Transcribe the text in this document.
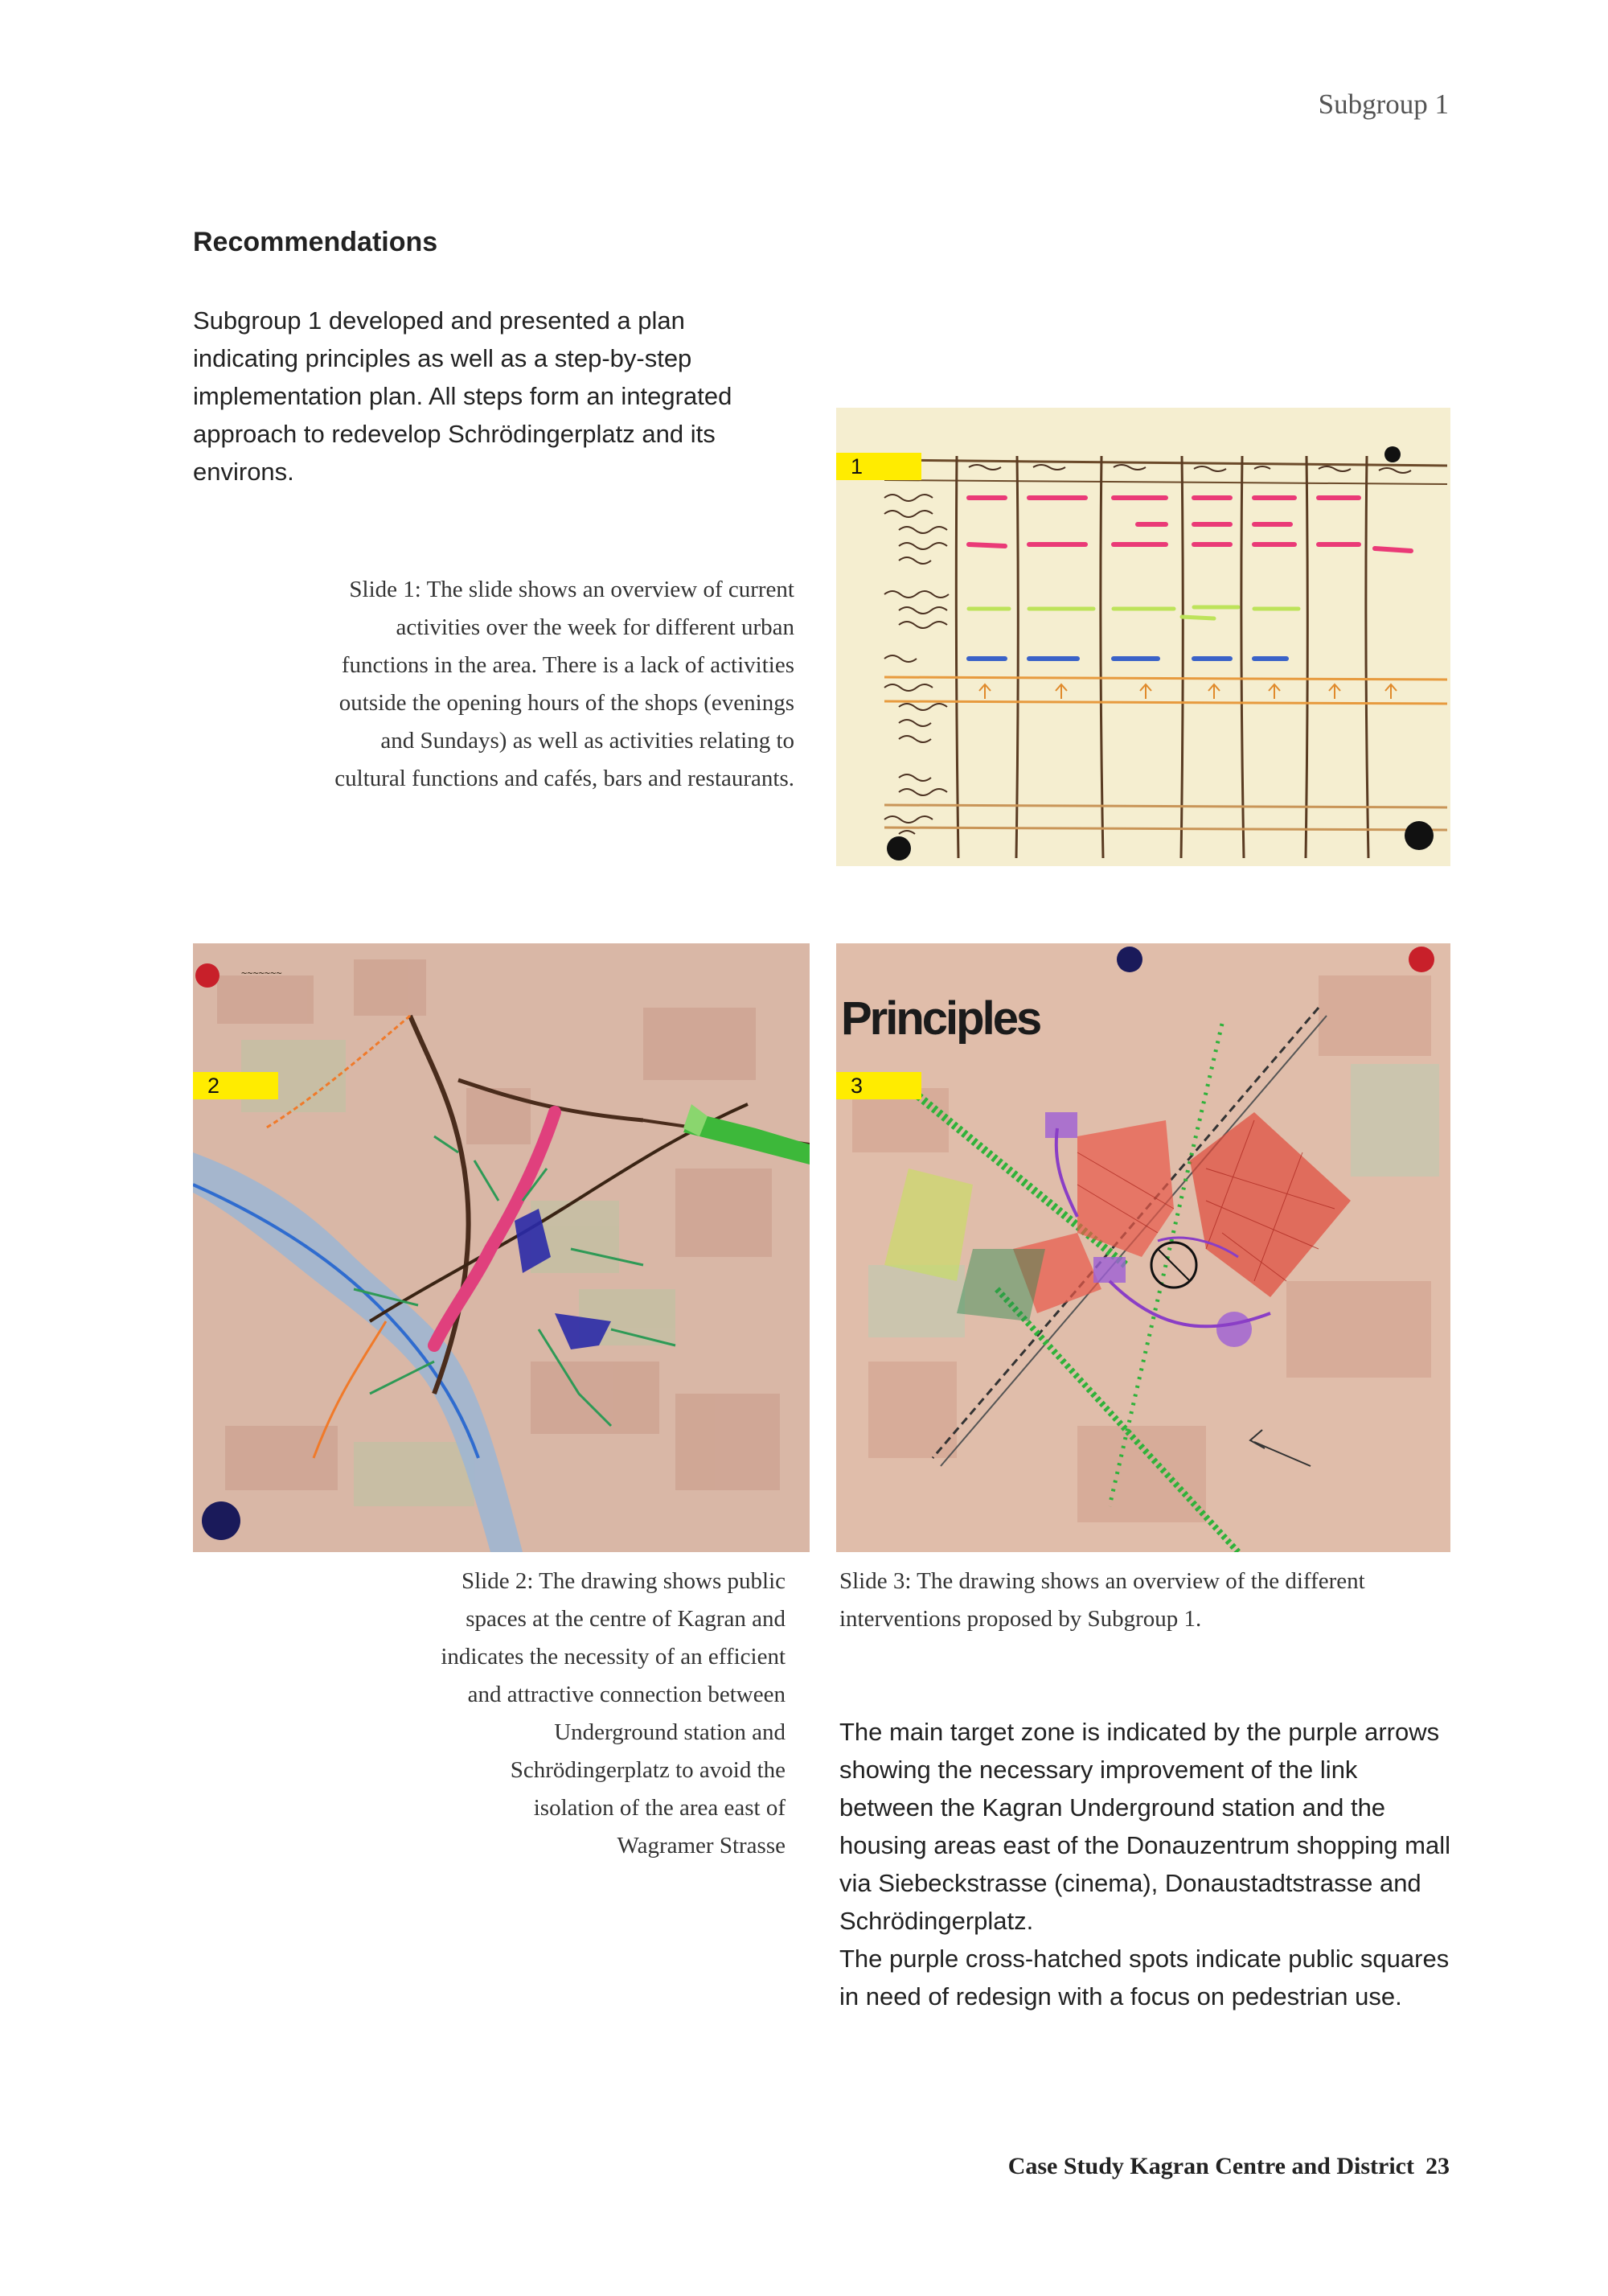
Subgroup 1
Recommendations
Subgroup 1 developed and presented a plan indicating principles as well as a step-by-step implementation plan. All steps form an integrated approach to redevelop Schrödingerplatz and its environs.	1
Slide 1: The slide shows an overview of current activities over the week for different urban functions in the area. There is a lack of activities outside the opening hours of the shops (evenings and Sundays) as well as activities relating to cultural functions and cafés, bars and restaurants.
~~~~~~~
2
Principles
3
Slide 2: The drawing shows public spaces at the centre of Kagran and indicates the necessity of an efficient and attractive connection between Underground station and Schrödingerplatz to avoid the isolation of the area east of Wagramer Strasse
Slide 3: The drawing shows an overview of the different interventions proposed by Subgroup 1.
The main target zone is indicated by the purple arrows showing the necessary improvement of the link between the Kagran Underground station and the housing areas east of the Donauzentrum shopping mall via Siebeckstrasse (cinema), Donaustadtstrasse and Schrödingerplatz.
The purple cross-hatched spots indicate public squares in need of redesign with a focus on pedestrian use.
Case Study Kagran Centre and District 23
